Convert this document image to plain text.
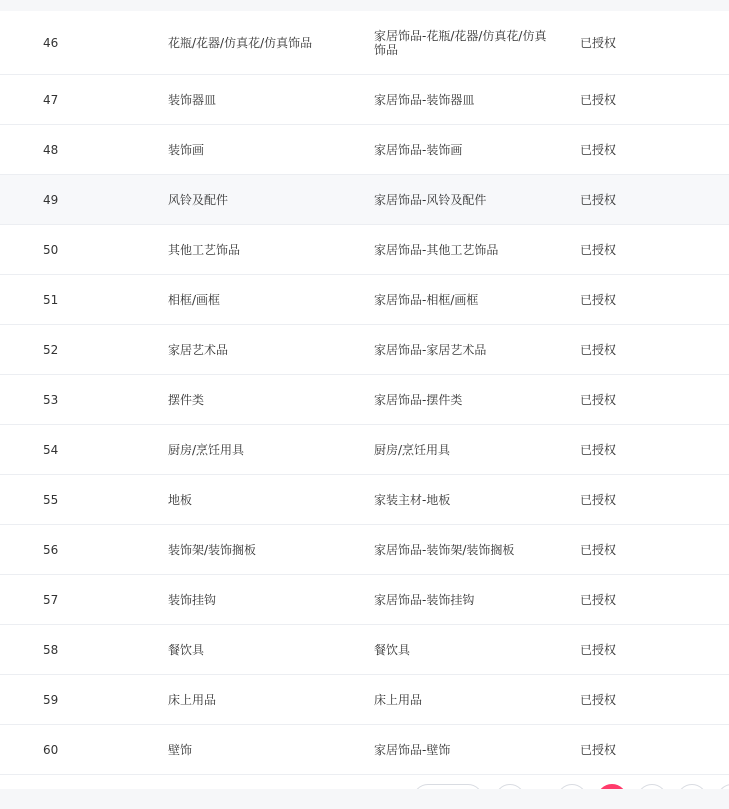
46	花瓶/花器/仿真花/仿真饰品	家居饰品-花瓶/花器/仿真花/仿真饰品	已授权
47	装饰器皿	家居饰品-装饰器皿	已授权
48	装饰画	家居饰品-装饰画	已授权
49	风铃及配件	家居饰品-风铃及配件	已授权
50	其他工艺饰品	家居饰品-其他工艺饰品	已授权
51	相框/画框	家居饰品-相框/画框	已授权
52	家居艺术品	家居饰品-家居艺术品	已授权
53	摆件类	家居饰品-摆件类	已授权
54	厨房/烹饪用具	厨房/烹饪用具	已授权
55	地板	家装主材-地板	已授权
56	装饰架/装饰搁板	家居饰品-装饰架/装饰搁板	已授权
57	装饰挂钩	家居饰品-装饰挂钩	已授权
58	餐饮具	餐饮具	已授权
59	床上用品	床上用品	已授权
60	壁饰	家居饰品-壁饰	已授权
